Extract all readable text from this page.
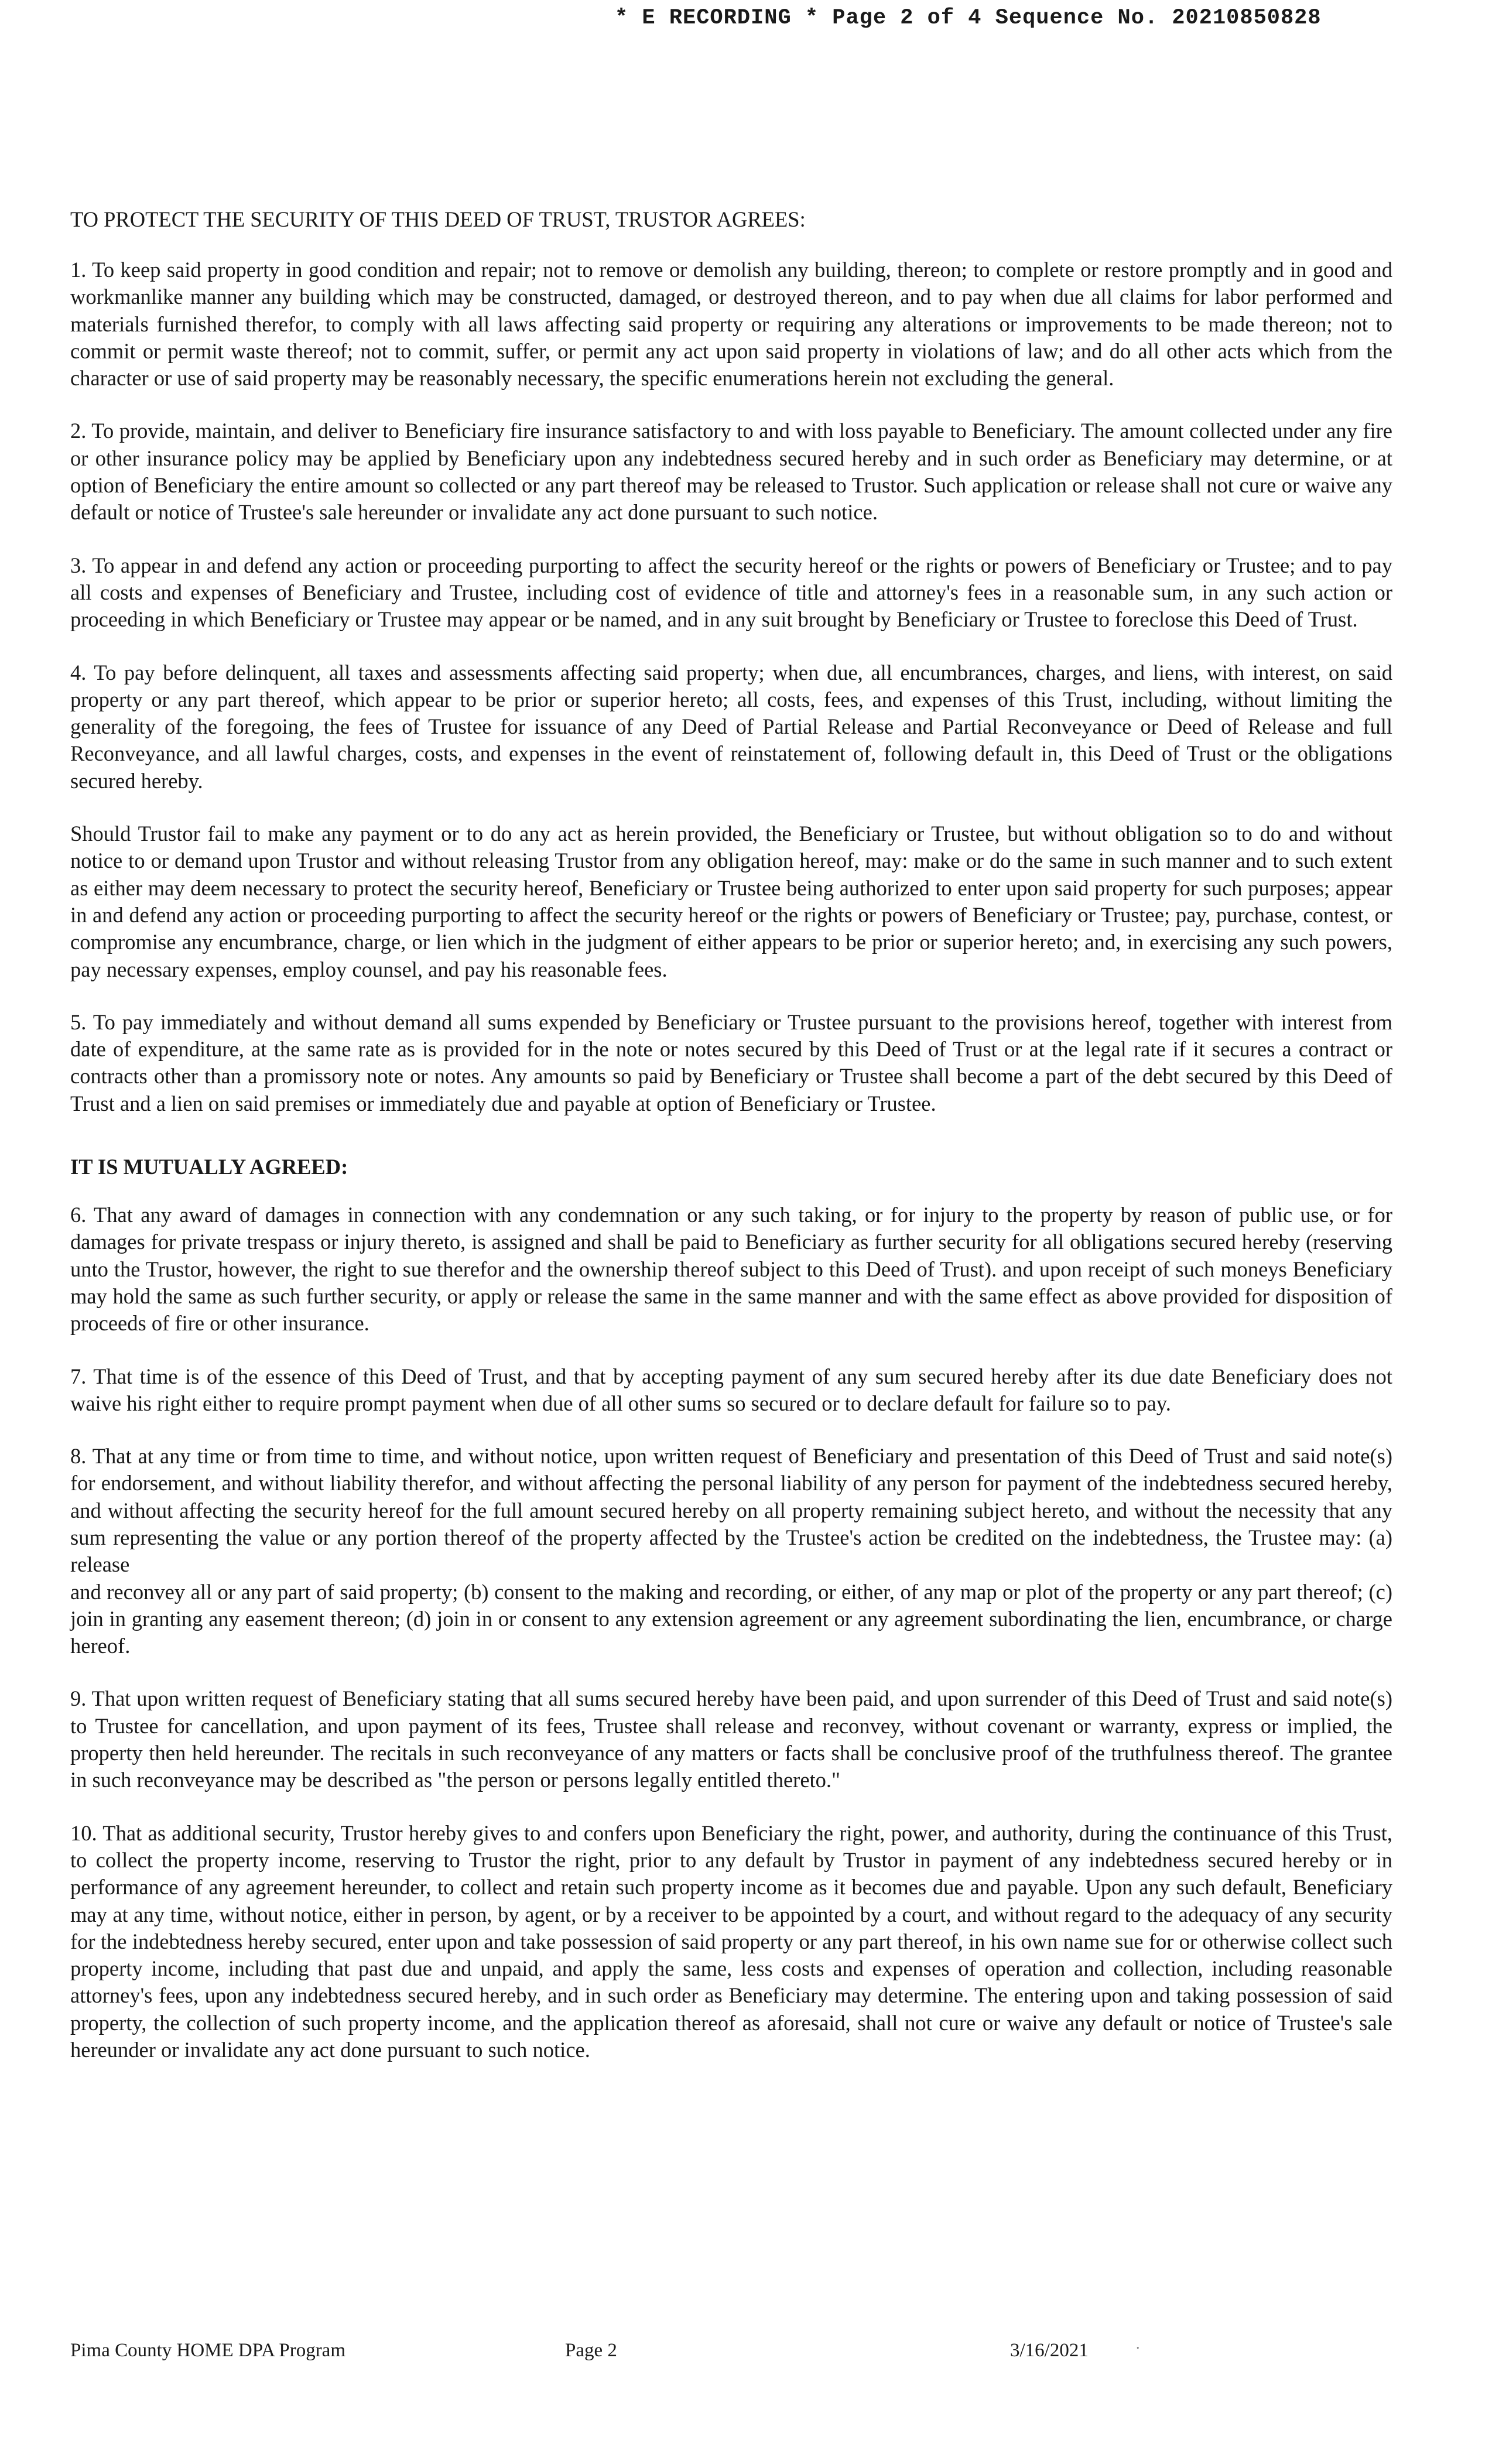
* E RECORDING * Page 2 of 4 Sequence No. 20210850828

TO PROTECT THE SECURITY OF THIS DEED OF TRUST, TRUSTOR AGREES:

1. To keep said property in good condition and repair; not to remove or demolish any building, thereon; to complete or restore promptly and in good and workmanlike manner any building which may be constructed, damaged, or destroyed thereon, and to pay when due all claims for labor performed and materials furnished therefor, to comply with all laws affecting said property or requiring any alterations or improvements to be made thereon; not to commit or permit waste thereof; not to commit, suffer, or permit any act upon said property in violations of law; and do all other acts which from the character or use of said property may be reasonably necessary, the specific enumerations herein not excluding the general.

2. To provide, maintain, and deliver to Beneficiary fire insurance satisfactory to and with loss payable to Beneficiary. The amount collected under any fire or other insurance policy may be applied by Beneficiary upon any indebtedness secured hereby and in such order as Beneficiary may determine, or at option of Beneficiary the entire amount so collected or any part thereof may be released to Trustor. Such application or release shall not cure or waive any default or notice of Trustee's sale hereunder or invalidate any act done pursuant to such notice.

3. To appear in and defend any action or proceeding purporting to affect the security hereof or the rights or powers of Beneficiary or Trustee; and to pay all costs and expenses of Beneficiary and Trustee, including cost of evidence of title and attorney's fees in a reasonable sum, in any such action or proceeding in which Beneficiary or Trustee may appear or be named, and in any suit brought by Beneficiary or Trustee to foreclose this Deed of Trust.

4. To pay before delinquent, all taxes and assessments affecting said property; when due, all encumbrances, charges, and liens, with interest, on said property or any part thereof, which appear to be prior or superior hereto; all costs, fees, and expenses of this Trust, including, without limiting the generality of the foregoing, the fees of Trustee for issuance of any Deed of Partial Release and Partial Reconveyance or Deed of Release and full Reconveyance, and all lawful charges, costs, and expenses in the event of reinstatement of, following default in, this Deed of Trust or the obligations secured hereby.

Should Trustor fail to make any payment or to do any act as herein provided, the Beneficiary or Trustee, but without obligation so to do and without notice to or demand upon Trustor and without releasing Trustor from any obligation hereof, may: make or do the same in such manner and to such extent as either may deem necessary to protect the security hereof, Beneficiary or Trustee being authorized to enter upon said property for such purposes; appear in and defend any action or proceeding purporting to affect the security hereof or the rights or powers of Beneficiary or Trustee; pay, purchase, contest, or compromise any encumbrance, charge, or lien which in the judgment of either appears to be prior or superior hereto; and, in exercising any such powers, pay necessary expenses, employ counsel, and pay his reasonable fees.

5. To pay immediately and without demand all sums expended by Beneficiary or Trustee pursuant to the provisions hereof, together with interest from date of expenditure, at the same rate as is provided for in the note or notes secured by this Deed of Trust or at the legal rate if it secures a contract or contracts other than a promissory note or notes. Any amounts so paid by Beneficiary or Trustee shall become a part of the debt secured by this Deed of Trust and a lien on said premises or immediately due and payable at option of Beneficiary or Trustee.

IT IS MUTUALLY AGREED:

6. That any award of damages in connection with any condemnation or any such taking, or for injury to the property by reason of public use, or for damages for private trespass or injury thereto, is assigned and shall be paid to Beneficiary as further security for all obligations secured hereby (reserving unto the Trustor, however, the right to sue therefor and the ownership thereof subject to this Deed of Trust). and upon receipt of such moneys Beneficiary may hold the same as such further security, or apply or release the same in the same manner and with the same effect as above provided for disposition of proceeds of fire or other insurance.

7. That time is of the essence of this Deed of Trust, and that by accepting payment of any sum secured hereby after its due date Beneficiary does not waive his right either to require prompt payment when due of all other sums so secured or to declare default for failure so to pay.

8. That at any time or from time to time, and without notice, upon written request of Beneficiary and presentation of this Deed of Trust and said note(s) for endorsement, and without liability therefor, and without affecting the personal liability of any person for payment of the indebtedness secured hereby, and without affecting the security hereof for the full amount secured hereby on all property remaining subject hereto, and without the necessity that any sum representing the value or any portion thereof of the property affected by the Trustee's action be credited on the indebtedness, the Trustee may: (a) release

and reconvey all or any part of said property; (b) consent to the making and recording, or either, of any map or plot of the property or any part thereof; (c) join in granting any easement thereon; (d) join in or consent to any extension agreement or any agreement subordinating the lien, encumbrance, or charge hereof.

9. That upon written request of Beneficiary stating that all sums secured hereby have been paid, and upon surrender of this Deed of Trust and said note(s) to Trustee for cancellation, and upon payment of its fees, Trustee shall release and reconvey, without covenant or warranty, express or implied, the property then held hereunder. The recitals in such reconveyance of any matters or facts shall be conclusive proof of the truthfulness thereof. The grantee in such reconveyance may be described as "the person or persons legally entitled thereto."

10. That as additional security, Trustor hereby gives to and confers upon Beneficiary the right, power, and authority, during the continuance of this Trust, to collect the property income, reserving to Trustor the right, prior to any default by Trustor in payment of any indebtedness secured hereby or in performance of any agreement hereunder, to collect and retain such property income as it becomes due and payable. Upon any such default, Beneficiary may at any time, without notice, either in person, by agent, or by a receiver to be appointed by a court, and without regard to the adequacy of any security for the indebtedness hereby secured, enter upon and take possession of said property or any part thereof, in his own name sue for or otherwise collect such property income, including that past due and unpaid, and apply the same, less costs and expenses of operation and collection, including reasonable attorney's fees, upon any indebtedness secured hereby, and in such order as Beneficiary may determine. The entering upon and taking possession of said property, the collection of such property income, and the application thereof as aforesaid, shall not cure or waive any default or notice of Trustee's sale hereunder or invalidate any act done pursuant to such notice.

Pima County HOME DPA Program	Page 2	3/16/2021	.
